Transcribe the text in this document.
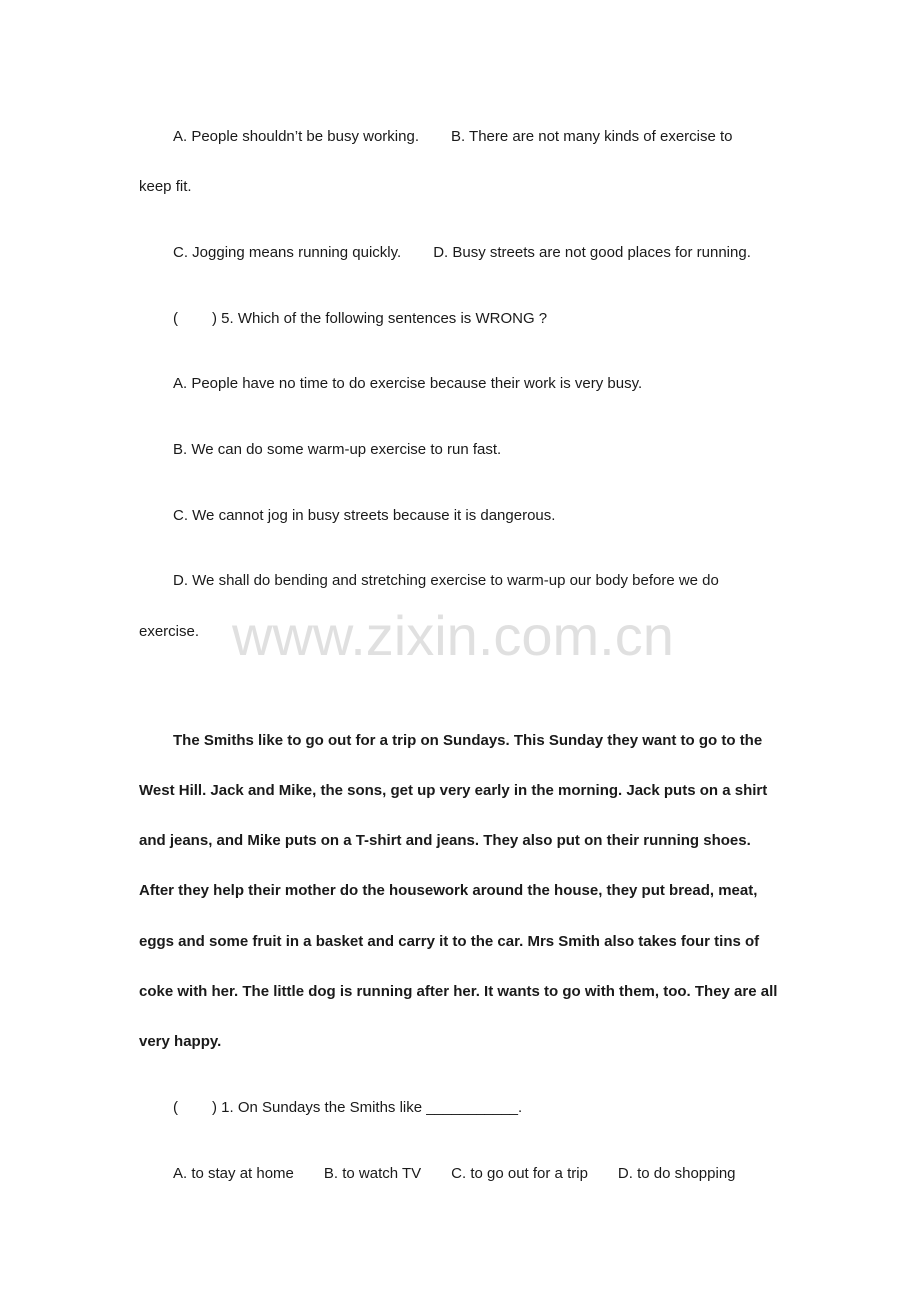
A. People shouldn’t be busy working. B. There are not many kinds of exercise to
keep fit.
C. Jogging means running quickly. D. Busy streets are not good places for running.
( ) 5. Which of the following sentences is WRONG ?
A. People have no time to do exercise because their work is very busy.
B. We can do some warm-up exercise to run fast.
C. We cannot jog in busy streets because it is dangerous.
D. We shall do bending and stretching exercise to warm-up our body before we do
exercise. www.zixin.com.cn
The Smiths like to go out for a trip on Sundays. This Sunday they want to go to the
West Hill. Jack and Mike, the sons, get up very early in the morning. Jack puts on a shirt
and jeans, and Mike puts on a T-shirt and jeans. They also put on their running shoes.
After they help their mother do the housework around the house, they put bread, meat,
eggs and some fruit in a basket and carry it to the car. Mrs Smith also takes four tins of
coke with her. The little dog is running after her. It wants to go with them, too. They are all
very happy.
( ) 1. On Sundays the Smiths like ___________.
A. to stay at home B. to watch TV C. to go out for a trip D. to do shopping
